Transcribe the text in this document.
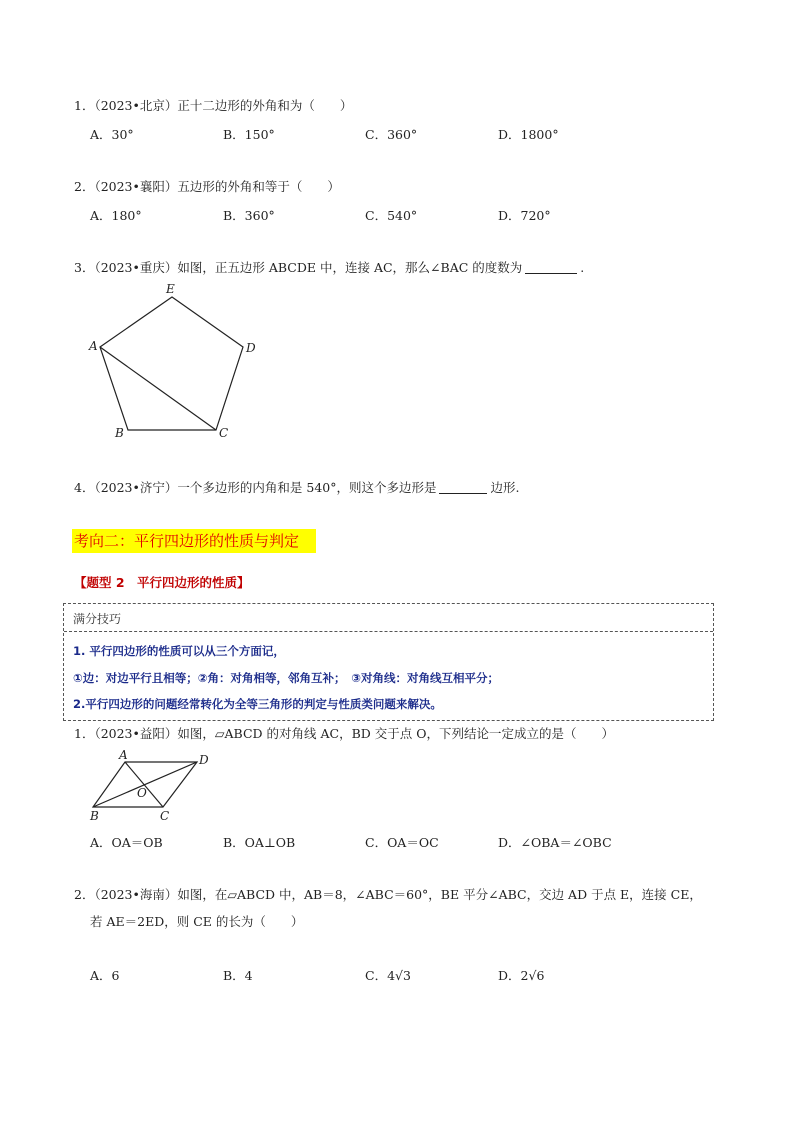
1．（2023•北京）正十二边形的外角和为（　　）
A．30°	B．150°	C．360°	D．1800°
2．（2023•襄阳）五边形的外角和等于（　　）
A．180°	B．360°	C．540°	D．720°
3．（2023•重庆）如图，正五边形 ABCDE 中，连接 AC，那么∠BAC 的度数为	.
E
D
A
B	C
4．（2023•济宁）一个多边形的内角和是 540°，则这个多边形是	边形.
考向二：平行四边形的性质与判定
【题型 2　平行四边形的性质】
满分技巧
1. 平行四边形的性质可以从三个方面记，
①边：对边平行且相等；②角：对角相等，邻角互补；　③对角线：对角线互相平分；
2.平行四边形的问题经常转化为全等三角形的判定与性质类问题来解决。
1．（2023•益阳）如图，▱ABCD 的对角线 AC，BD 交于点 O，下列结论一定成立的是（　　）
A	D
B	C
O
A．OA＝OB	B．OA⊥OB	C．OA＝OC	D．∠OBA＝∠OBC
2．（2023•海南）如图，在▱ABCD 中，AB＝8，∠ABC＝60°，BE 平分∠ABC，交边 AD 于点 E，连接 CE，
若 AE＝2ED，则 CE 的长为（　　）
A．6	B．4	C．4√3	D．2√6
